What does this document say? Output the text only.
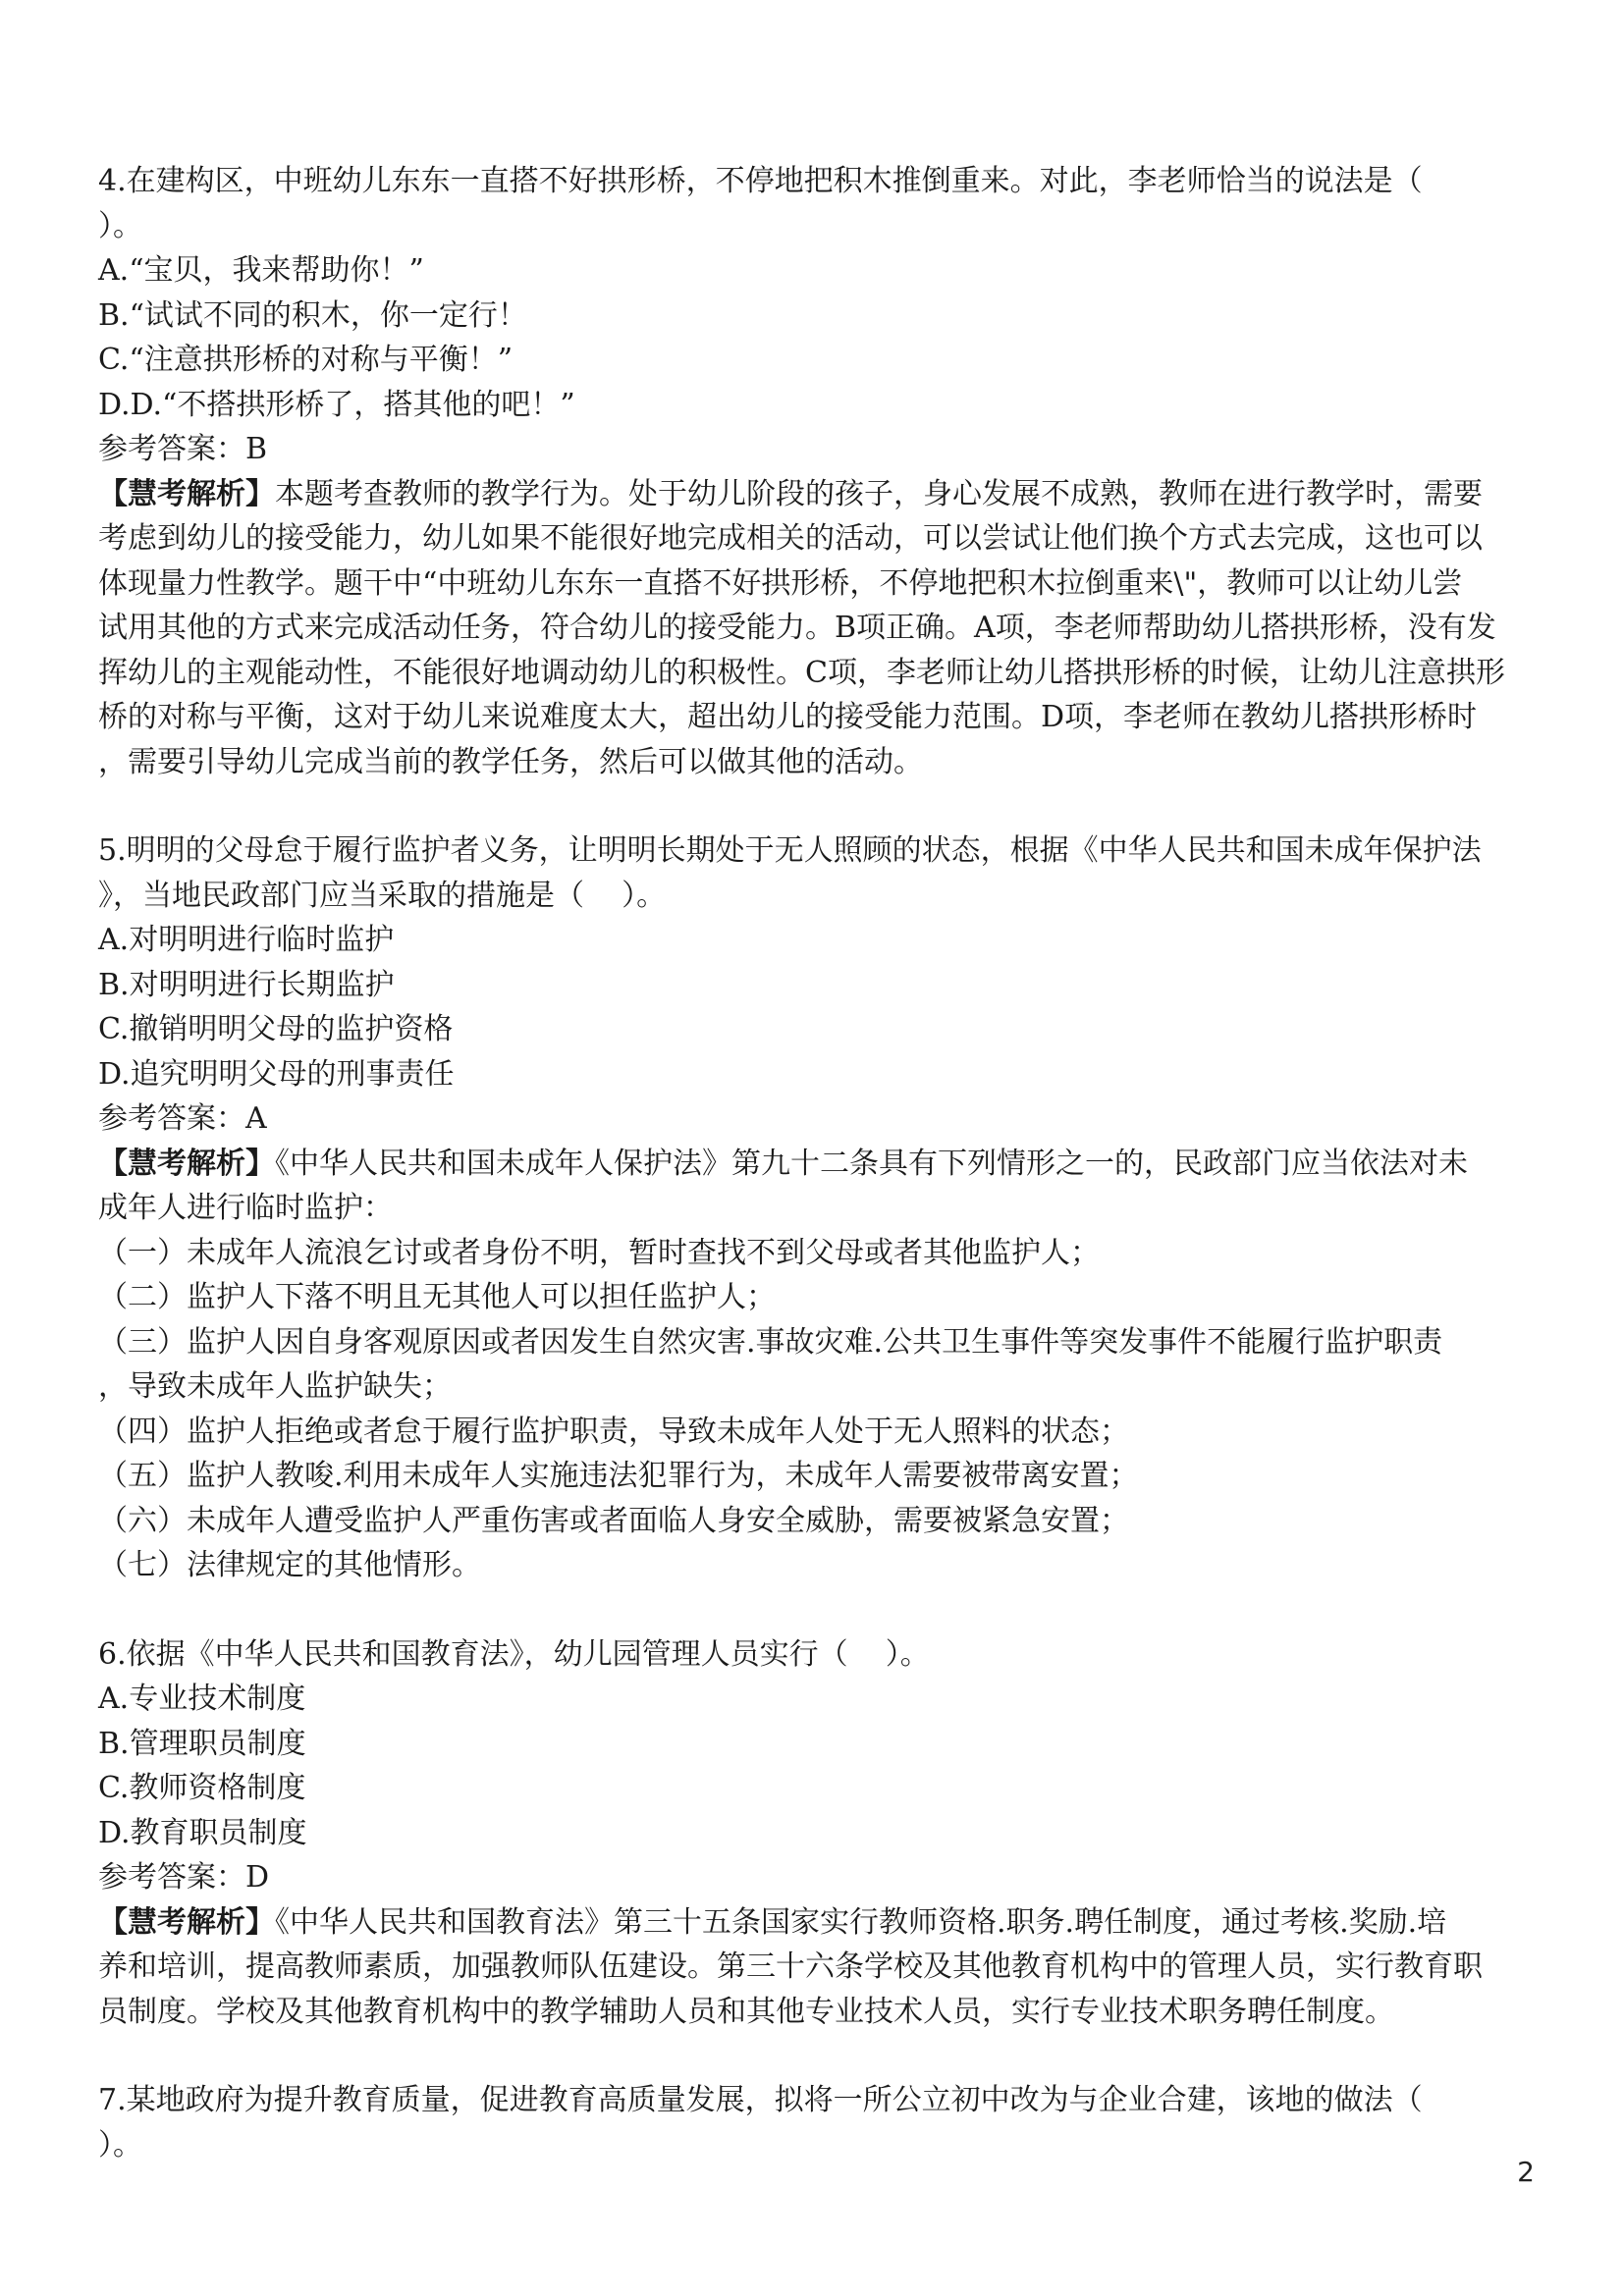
4.在建构区，中班幼儿东东一直搭不好拱形桥，不停地把积木推倒重来。对此，李老师恰当的说法是（
）。
A.“宝贝，我来帮助你！”
B.“试试不同的积木，你一定行！
C.“注意拱形桥的对称与平衡！”
D.D.“不搭拱形桥了，搭其他的吧！”
参考答案：B
【慧考解析】本题考查教师的教学行为。处于幼儿阶段的孩子，身心发展不成熟，教师在进行教学时，需要
考虑到幼儿的接受能力，幼儿如果不能很好地完成相关的活动，可以尝试让他们换个方式去完成，这也可以
体现量力性教学。题干中“中班幼儿东东一直搭不好拱形桥，不停地把积木拉倒重来\"，教师可以让幼儿尝
试用其他的方式来完成活动任务，符合幼儿的接受能力。B项正确。A项，李老师帮助幼儿搭拱形桥，没有发
挥幼儿的主观能动性，不能很好地调动幼儿的积极性。C项，李老师让幼儿搭拱形桥的时候，让幼儿注意拱形
桥的对称与平衡，这对于幼儿来说难度太大，超出幼儿的接受能力范围。D项，李老师在教幼儿搭拱形桥时
，需要引导幼儿完成当前的教学任务，然后可以做其他的活动。
5.明明的父母怠于履行监护者义务，让明明长期处于无人照顾的状态，根据《中华人民共和国未成年保护法
》，当地民政部门应当采取的措施是（    ）。
A.对明明进行临时监护
B.对明明进行长期监护
C.撤销明明父母的监护资格
D.追究明明父母的刑事责任
参考答案：A
【慧考解析】《中华人民共和国未成年人保护法》第九十二条具有下列情形之一的，民政部门应当依法对未
成年人进行临时监护：
（一）未成年人流浪乞讨或者身份不明，暂时查找不到父母或者其他监护人；
（二）监护人下落不明且无其他人可以担任监护人；
（三）监护人因自身客观原因或者因发生自然灾害.事故灾难.公共卫生事件等突发事件不能履行监护职责
，导致未成年人监护缺失；
（四）监护人拒绝或者怠于履行监护职责，导致未成年人处于无人照料的状态；
（五）监护人教唆.利用未成年人实施违法犯罪行为，未成年人需要被带离安置；
（六）未成年人遭受监护人严重伤害或者面临人身安全威胁，需要被紧急安置；
（七）法律规定的其他情形。
6.依据《中华人民共和国教育法》，幼儿园管理人员实行（    ）。
A.专业技术制度
B.管理职员制度
C.教师资格制度
D.教育职员制度
参考答案：D
【慧考解析】《中华人民共和国教育法》第三十五条国家实行教师资格.职务.聘任制度，通过考核.奖励.培
养和培训，提高教师素质，加强教师队伍建设。第三十六条学校及其他教育机构中的管理人员，实行教育职
员制度。学校及其他教育机构中的教学辅助人员和其他专业技术人员，实行专业技术职务聘任制度。
7.某地政府为提升教育质量，促进教育高质量发展，拟将一所公立初中改为与企业合建，该地的做法（
）。
2
